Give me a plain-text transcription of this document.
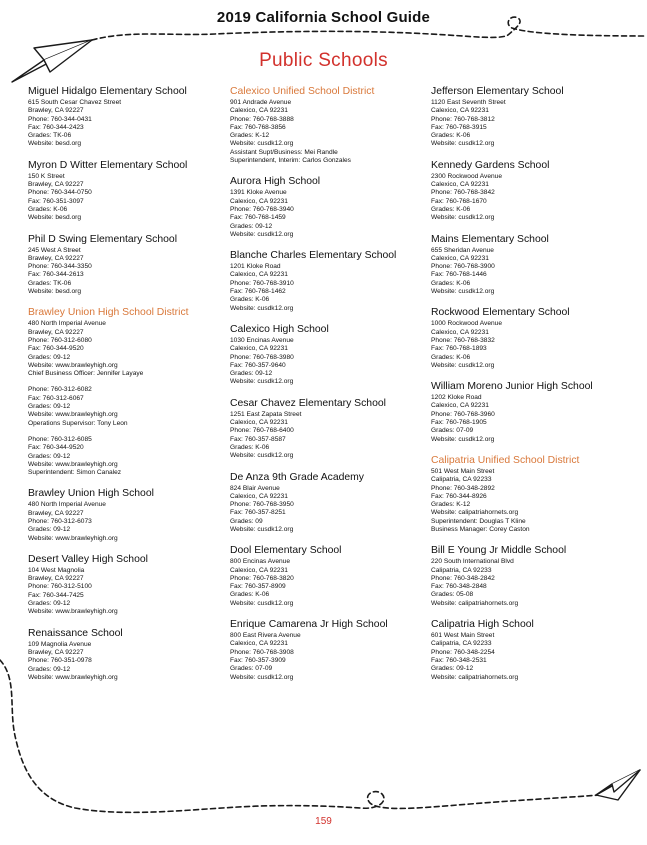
2019 California School Guide
Public Schools
Miguel Hidalgo Elementary School
615 South Cesar Chavez Street
Brawley, CA 92227
Phone: 760-344-0431
Fax: 760-344-2423
Grades: TK-06
Website: besd.org
Myron D Witter Elementary School
150 K Street
Brawley, CA 92227
Phone: 760-344-0750
Fax: 760-351-3097
Grades: K-06
Website: besd.org
Phil D Swing Elementary School
245 West A Street
Brawley, CA 92227
Phone: 760-344-3350
Fax: 760-344-2613
Grades: TK-06
Website: besd.org
Brawley Union High School District
480 North Imperial Avenue
Brawley, CA 92227
Phone: 760-312-6080
Fax: 760-344-9520
Grades: 09-12
Website: www.brawleyhigh.org
Chief Business Officer: Jennifer Layaye
Phone: 760-312-6082
Fax: 760-312-6067
Grades: 09-12
Website: www.brawleyhigh.org
Operations Supervisor: Tony Leon
Phone: 760-312-6085
Fax: 760-344-9520
Grades: 09-12
Website: www.brawleyhigh.org
Superintendent: Simon Canalez
Brawley Union High School
480 North Imperial Avenue
Brawley, CA 92227
Phone: 760-312-6073
Grades: 09-12
Website: www.brawleyhigh.org
Desert Valley High School
104 West Magnolia
Brawley, CA 92227
Phone: 760-312-5100
Fax: 760-344-7425
Grades: 09-12
Website: www.brawleyhigh.org
Renaissance School
109 Magnolia Avenue
Brawley, CA 92227
Phone: 760-351-0978
Grades: 09-12
Website: www.brawleyhigh.org
Calexico Unified School District
901 Andrade Avenue
Calexico, CA 92231
Phone: 760-768-3888
Fax: 760-768-3856
Grades: K-12
Website: cusdk12.org
Assistant Supt/Business: Mei Randle
Superintendent, Interim: Carlos Gonzales
Aurora High School
1391 Kloke Avenue
Calexico, CA 92231
Phone: 760-768-3940
Fax: 760-768-1459
Grades: 09-12
Website: cusdk12.org
Blanche Charles Elementary School
1201 Kloke Road
Calexico, CA 92231
Phone: 760-768-3910
Fax: 760-768-1462
Grades: K-06
Website: cusdk12.org
Calexico High School
1030 Encinas Avenue
Calexico, CA 92231
Phone: 760-768-3980
Fax: 760-357-9640
Grades: 09-12
Website: cusdk12.org
Cesar Chavez Elementary School
1251 East Zapata Street
Calexico, CA 92231
Phone: 760-768-6400
Fax: 760-357-8587
Grades: K-06
Website: cusdk12.org
De Anza 9th Grade Academy
824 Blair Avenue
Calexico, CA 92231
Phone: 760-768-3950
Fax: 760-357-8251
Grades: 09
Website: cusdk12.org
Dool Elementary School
800 Encinas Avenue
Calexico, CA 92231
Phone: 760-768-3820
Fax: 760-357-8909
Grades: K-06
Website: cusdk12.org
Enrique Camarena Jr High School
800 East Rivera Avenue
Calexico, CA 92231
Phone: 760-768-3908
Fax: 760-357-3909
Grades: 07-09
Website: cusdk12.org
Jefferson Elementary School
1120 East Seventh Street
Calexico, CA 92231
Phone: 760-768-3812
Fax: 760-768-3915
Grades: K-06
Website: cusdk12.org
Kennedy Gardens School
2300 Rockwood Avenue
Calexico, CA 92231
Phone: 760-768-3842
Fax: 760-768-1670
Grades: K-06
Website: cusdk12.org
Mains Elementary School
655 Sheridan Avenue
Calexico, CA 92231
Phone: 760-768-3900
Fax: 760-768-1446
Grades: K-06
Website: cusdk12.org
Rockwood Elementary School
1000 Rockwood Avenue
Calexico, CA 92231
Phone: 760-768-3832
Fax: 760-768-1893
Grades: K-06
Website: cusdk12.org
William Moreno Junior High School
1202 Kloke Road
Calexico, CA 92231
Phone: 760-768-3960
Fax: 760-768-1905
Grades: 07-09
Website: cusdk12.org
Calipatria Unified School District
501 West Main Street
Calipatria, CA 92233
Phone: 760-348-2892
Fax: 760-344-8926
Grades: K-12
Website: calipatriahornets.org
Superintendent: Douglas T Kline
Business Manager: Corey Caston
Bill E Young Jr Middle School
220 South International Blvd
Calipatria, CA 92233
Phone: 760-348-2842
Fax: 760-348-2848
Grades: 05-08
Website: calipatriahornets.org
Calipatria High School
601 West Main Street
Calipatria, CA 92233
Phone: 760-348-2254
Fax: 760-348-2531
Grades: 09-12
Website: calipatriahornets.org
159
